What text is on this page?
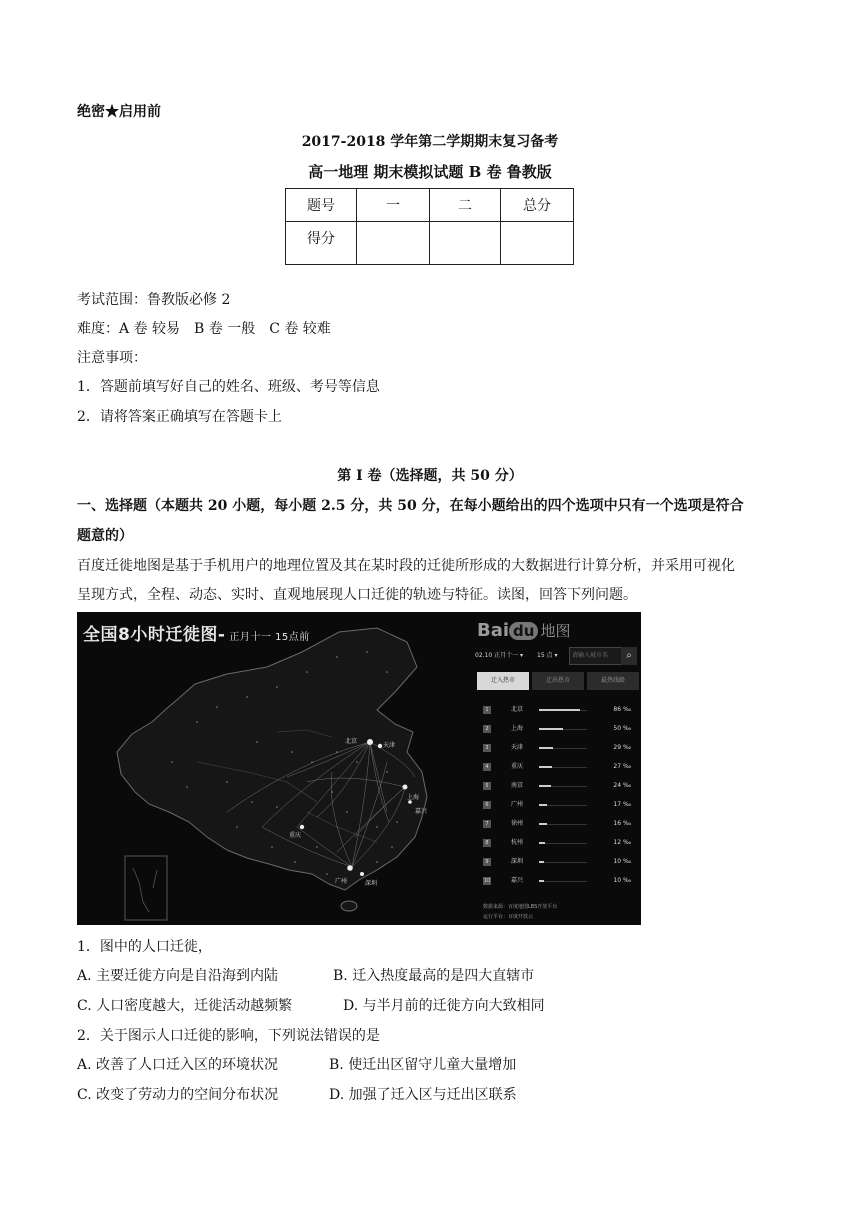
绝密★启用前
2017-2018 学年第二学期期末复习备考
高一地理 期末模拟试题 B 卷 鲁教版
题号	一	二	总分
得分			
考试范围：鲁教版必修 2
难度：A 卷 较易　B 卷 一般　C 卷 较难
注意事项：
1．答题前填写好自己的姓名、班级、考号等信息
2．请将答案正确填写在答题卡上
第 I 卷（选择题，共 50 分）
一、选择题（本题共 20 小题，每小题 2.5 分，共 50 分，在每小题给出的四个选项中只有一个选项是符合
题意的）
百度迁徙地图是基于手机用户的地理位置及其在某时段的迁徙所形成的大数据进行计算分析，并采用可视化
呈现方式，全程、动态、实时、直观地展现人口迁徙的轨迹与特征。读图，回答下列问题。
北京
天津
重庆
上海
广州	深圳
嘉兴
全国8小时迁徙图- 正月十一 15点前	Bai du 地图
02.10 正月十一 ▾	15 点 ▾	请输入城市名	⌕
迁入热市	迁出热市	最热线路
1	北京	86 ‰
2	上海	50 ‰
3	天津	29 ‰
4	重庆	27 ‰
5	南京	24 ‰
6	广州	17 ‰
7	徐州	16 ‰
8	杭州	12 ‰
9	深圳	10 ‰
10	嘉兴	10 ‰
数据来源：百度地图LBS开放平台
运行平台：百度开放云
1．图中的人口迁徙，
A. 主要迁徙方向是自沿海到内陆	B. 迁入热度最高的是四大直辖市
C. 人口密度越大，迁徙活动越频繁	D. 与半月前的迁徙方向大致相同
2．关于图示人口迁徙的影响，下列说法错误的是
A. 改善了人口迁入区的环境状况	B. 使迁出区留守儿童大量增加
C. 改变了劳动力的空间分布状况	D. 加强了迁入区与迁出区联系
